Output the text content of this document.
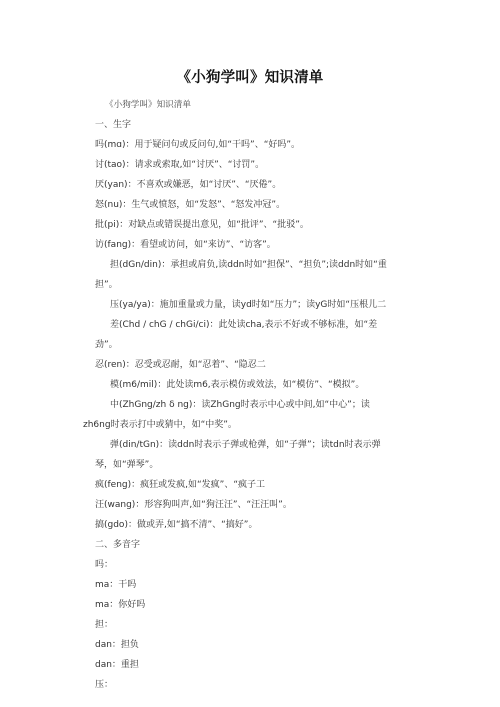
《小狗学叫》知识清单
《小狗学叫》知识清单
一、生字
吗(mɑ)：用于疑问句或反问句,如“干吗”、“好吗”。
讨(tao)：请求或索取,如“讨厌”、“讨罚”。
厌(yan)：不喜欢或嫌恶，如“讨厌”、“厌倦”。
怒(nu)：生气或愤怒，如“发怒”、“怒发冲冠”。
批(pi)：对缺点或错误提出意见，如“批评”、“批驳”。
访(fang)：看望或访问，如“来访”、“访客”。
担(dGn/din)：承担或肩负,读ddn时如“担保”、“担负”;读ddn时如“重
担”。
压(ya/ya)：施加重量或力量，读yd时如“压力”；读yG时如“压根儿二
差(Chd / chG / chGi/ci)：此处读cha,表示不好或不够标准，如“差
劲”。
忍(ren)：忍受或忍耐，如“忍着”、“隐忍二
模(m6/mil)：此处读m6,表示模仿或效法，如“模仿”、“模拟”。
中(ZhGng/zh δ ng)：读ZhGng时表示中心或中间,如“中心”；读
zh6ng时表示打中或猜中，如“中奖”。
弹(din/tGn)：读ddn时表示子弹或枪弹，如“子弹”；读tdn时表示弹
琴，如“弹琴”。
疯(feng)：疯狂或发疯,如“发疯”、“疯子工
汪(wang)：形容狗叫声,如“狗汪汪”、“汪汪叫”。
搞(gdo)：做或弄,如“搞不清”、“搞好”。
二、多音字
吗：
ma：干吗
ma：你好吗
担：
dan：担负
dan：重担
压：
